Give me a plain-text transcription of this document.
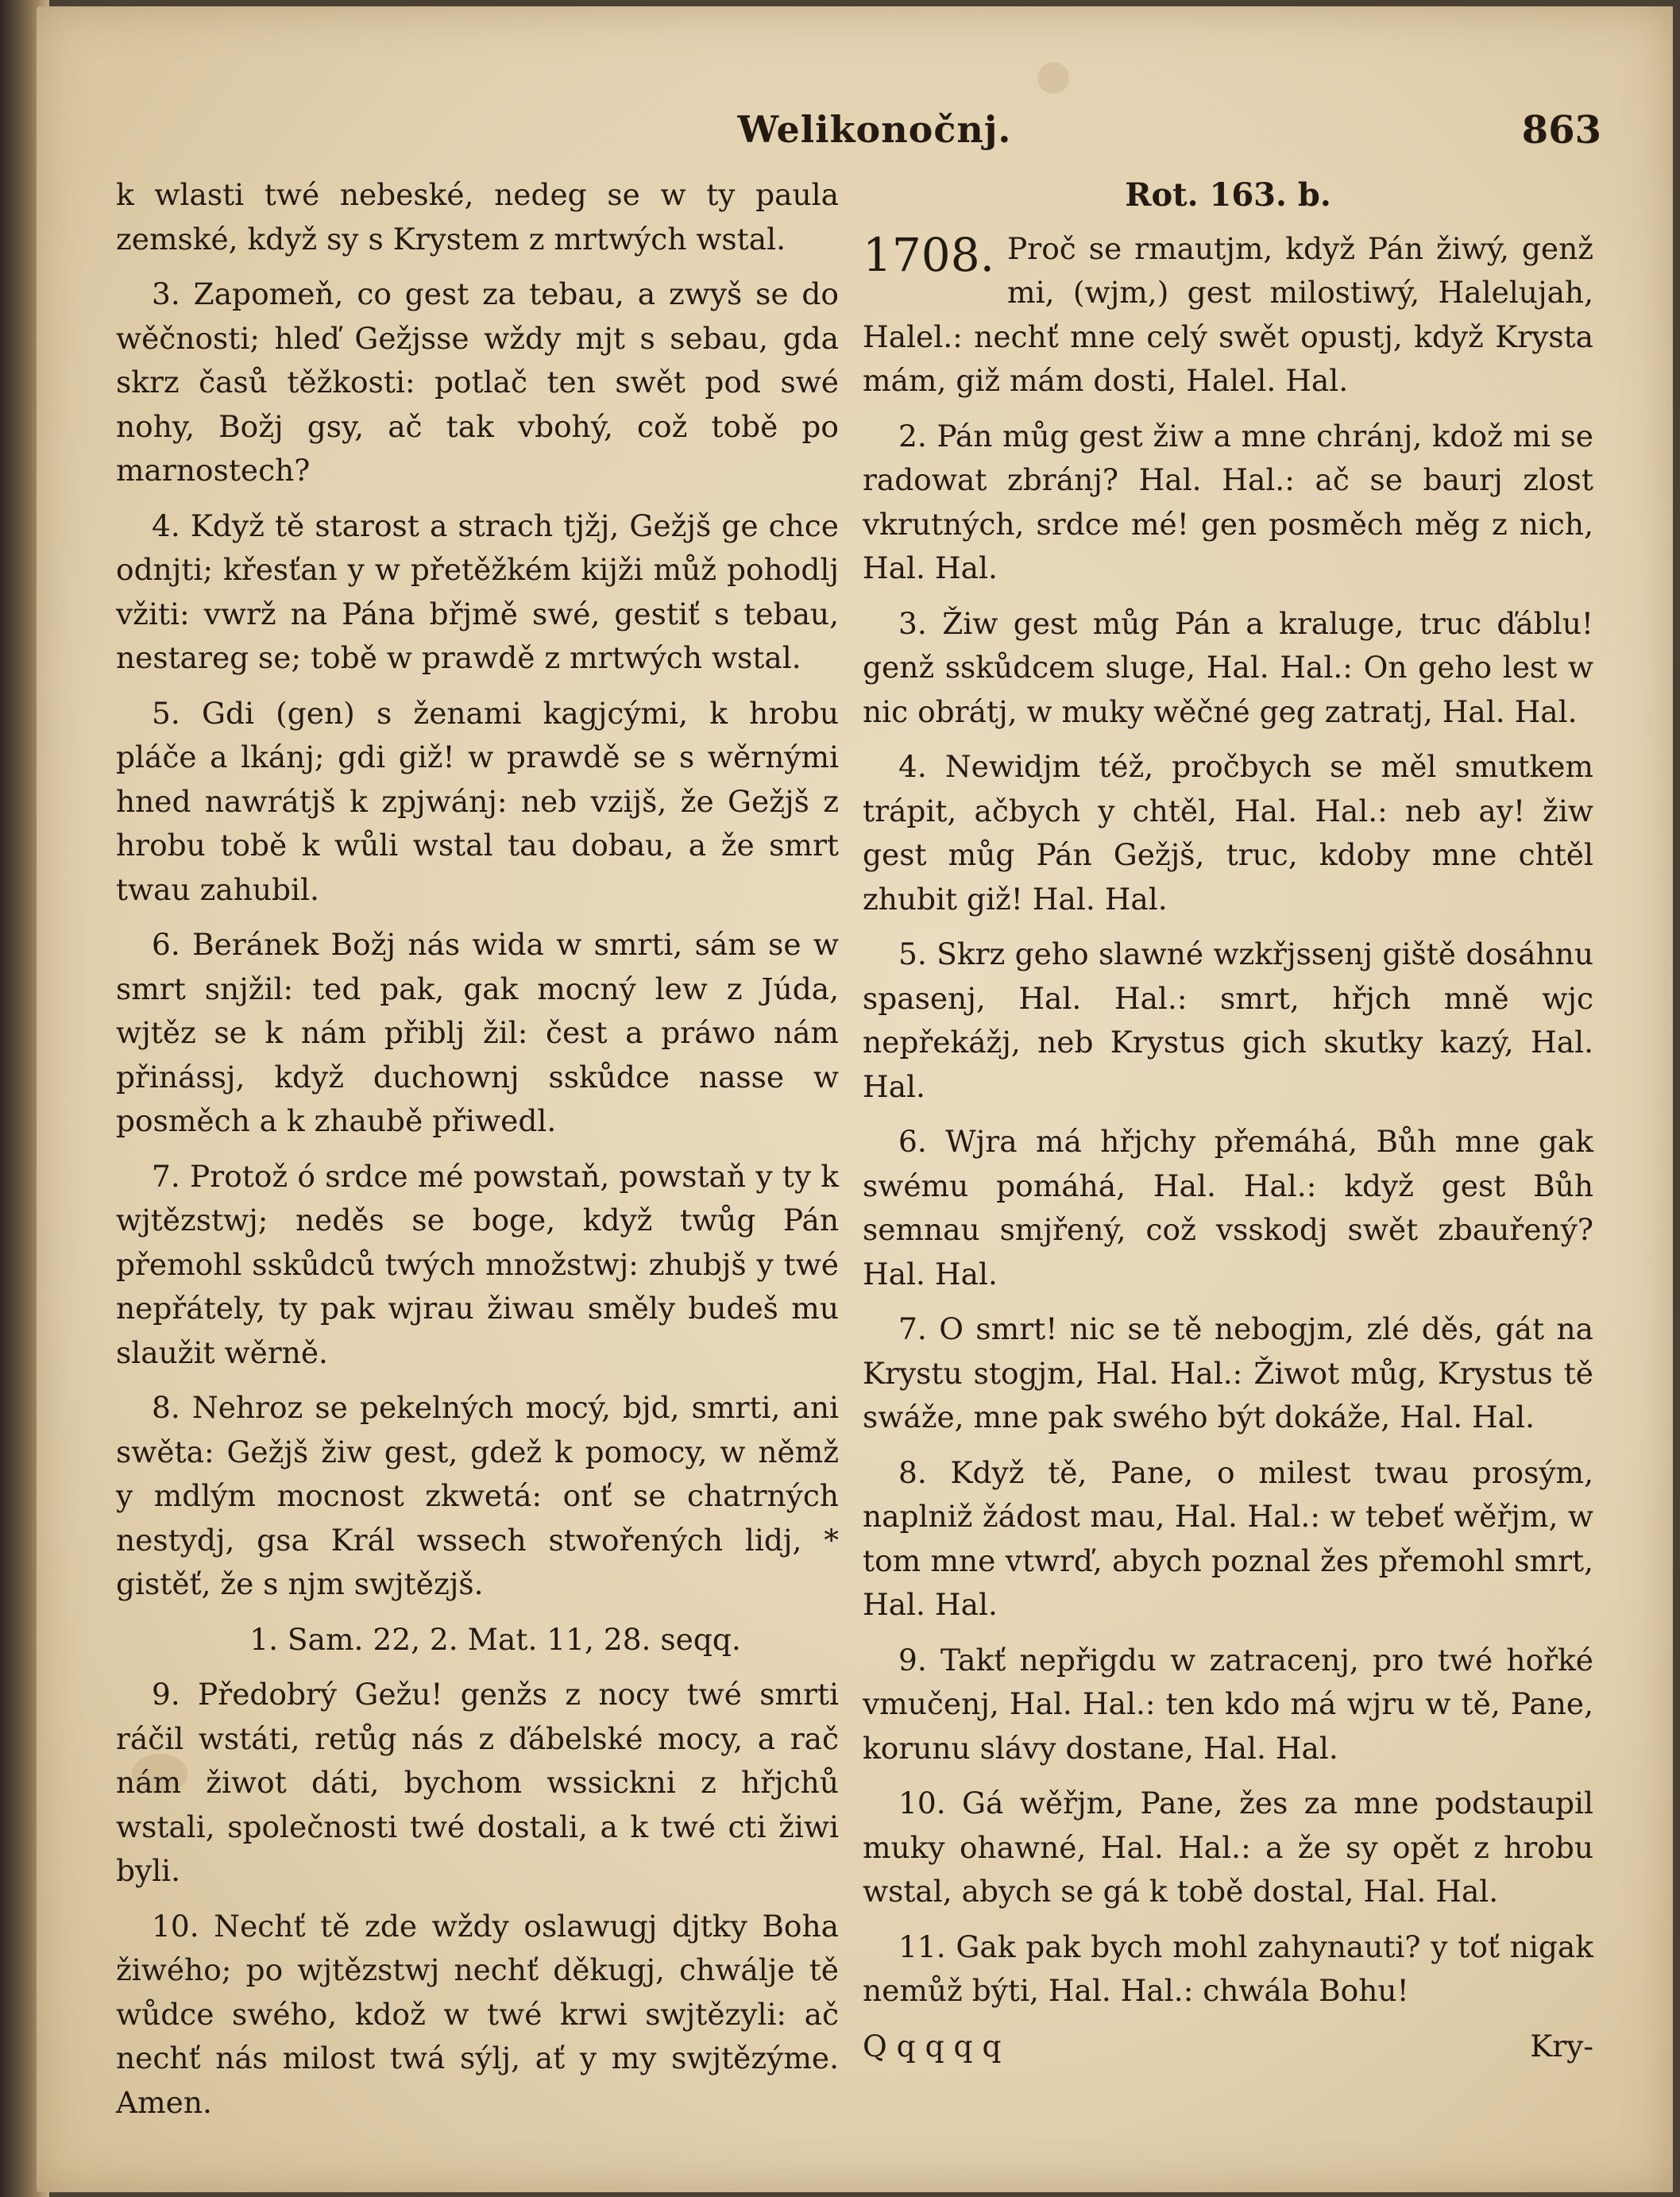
Welikonočnj.	863

k wlasti twé nebeské, nedeg se w ty paula zemské, když sy s Krystem z mrtwých wstal.

3. Zapomeň, co gest za tebau, a zwyš se do wěčnosti; hleď Gežjsse wždy mjt s sebau, gda skrz časů těžkosti: potlač ten swět pod swé nohy, Božj gsy, ač tak vbohý, což tobě po marnostech?

4. Když tě starost a strach tjžj, Gežjš ge chce odnjti; křesťan y w přetěžkém kijži můž pohodlj vžiti: vwrž na Pána břjmě swé, gestiť s tebau, nestareg se; tobě w prawdě z mrtwých wstal.

5. Gdi (gen) s ženami kagjcými, k hrobu pláče a lkánj; gdi giž! w prawdě se s wěrnými hned nawrátjš k zpjwánj: neb vzijš, že Gežjš z hrobu tobě k wůli wstal tau dobau, a že smrt twau zahubil.

6. Beránek Božj nás wida w smrti, sám se w smrt snjžil: ted pak, gak mocný lew z Júda, wjtěz se k nám přiblj žil: čest a práwo nám přinássj, když duchownj sskůdce nasse w posměch a k zhaubě přiwedl.

7. Protož ó srdce mé powstaň, powstaň y ty k wjtězstwj; neděs se boge, když twůg Pán přemohl sskůdců twých množstwj: zhubjš y twé nepřátely, ty pak wjrau žiwau směly budeš mu slaužit wěrně.

8. Nehroz se pekelných mocý, bjd, smrti, ani swěta: Gežjš žiw gest, gdež k pomocy, w němž y mdlým mocnost zkwetá: onť se chatrných nestydj, gsa Král wssech stwořených lidj, * gistěť, že s njm swjtězjš.

1. Sam. 22, 2. Mat. 11, 28. seqq.

9. Předobrý Gežu! genžs z nocy twé smrti ráčil wstáti, retůg nás z ďábelské mocy, a rač nám žiwot dáti, bychom wssickni z hřjchů wstali, společnosti twé dostali, a k twé cti žiwi byli.

10. Nechť tě zde wždy oslawugj djtky Boha žiwého; po wjtězstwj nechť děkugj, chwálje tě wůdce swého, kdož w twé krwi swjtězyli: ač nechť nás milost twá sýlj, ať y my swjtězýme. Amen.

Rot. 163. b.

1708. Proč se rmautjm, když Pán žiwý, genž mi, (wjm,) gest milostiwý, Halelujah, Halel.: nechť mne celý swět opustj, když Krysta mám, giž mám dosti, Halel. Hal.

2. Pán můg gest žiw a mne chránj, kdož mi se radowat zbránj? Hal. Hal.: ač se baurj zlost vkrutných, srdce mé! gen posměch měg z nich, Hal. Hal.

3. Žiw gest můg Pán a kraluge, truc ďáblu! genž sskůdcem sluge, Hal. Hal.: On geho lest w nic obrátj, w muky wěčné geg zatratj, Hal. Hal.

4. Newidjm též, pročbych se měl smutkem trápit, ačbych y chtěl, Hal. Hal.: neb ay! žiw gest můg Pán Gežjš, truc, kdoby mne chtěl zhubit giž! Hal. Hal.

5. Skrz geho slawné wzkřjssenj giště dosáhnu spasenj, Hal. Hal.: smrt, hřjch mně wjc nepřekážj, neb Krystus gich skutky kazý, Hal. Hal.

6. Wjra má hřjchy přemáhá, Bůh mne gak swému pomáhá, Hal. Hal.: když gest Bůh semnau smjřený, což vsskodj swět zbauřený? Hal. Hal.

7. O smrt! nic se tě nebogjm, zlé děs, gát na Krystu stogjm, Hal. Hal.: Žiwot můg, Krystus tě swáže, mne pak swého být dokáže, Hal. Hal.

8. Když tě, Pane, o milest twau prosým, naplniž žádost mau, Hal. Hal.: w tebeť wěřjm, w tom mne vtwrď, abych poznal žes přemohl smrt, Hal. Hal.

9. Takť nepřigdu w zatracenj, pro twé hořké vmučenj, Hal. Hal.: ten kdo má wjru w tě, Pane, korunu slávy dostane, Hal. Hal.

10. Gá wěřjm, Pane, žes za mne podstaupil muky ohawné, Hal. Hal.: a že sy opět z hrobu wstal, abych se gá k tobě dostal, Hal. Hal.

11. Gak pak bych mohl zahynauti? y toť nigak nemůž býti, Hal. Hal.: chwála Bohu!

Q q q q q	Kry-
